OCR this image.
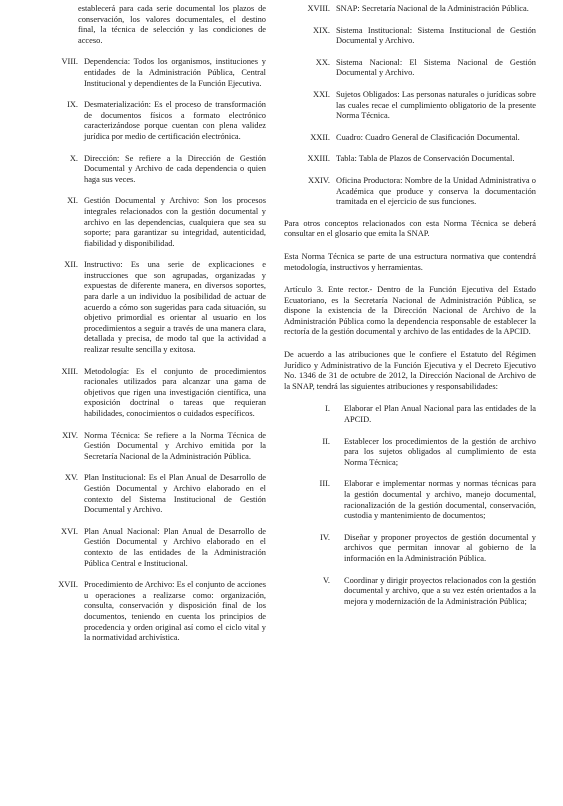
establecerá para cada serie documental los plazos de conservación, los valores documentales, el destino final, la técnica de selección y las condiciones de acceso.
VIII. Dependencia: Todos los organismos, instituciones y entidades de la Administración Pública, Central Institucional y dependientes de la Función Ejecutiva.
IX. Desmaterialización: Es el proceso de transformación de documentos físicos a formato electrónico caracterizándose porque cuentan con plena validez jurídica por medio de certificación electrónica.
X. Dirección: Se refiere a la Dirección de Gestión Documental y Archivo de cada dependencia o quien haga sus veces.
XI. Gestión Documental y Archivo: Son los procesos integrales relacionados con la gestión documental y archivo en las dependencias, cualquiera que sea su soporte; para garantizar su integridad, autenticidad, fiabilidad y disponibilidad.
XII. Instructivo: Es una serie de explicaciones e instrucciones que son agrupadas, organizadas y expuestas de diferente manera, en diversos soportes, para darle a un individuo la posibilidad de actuar de acuerdo a cómo son sugeridas para cada situación, su objetivo primordial es orientar al usuario en los procedimientos a seguir a través de una manera clara, detallada y precisa, de modo tal que la actividad a realizar resulte sencilla y exitosa.
XIII. Metodología: Es el conjunto de procedimientos racionales utilizados para alcanzar una gama de objetivos que rigen una investigación científica, una exposición doctrinal o tareas que requieran habilidades, conocimientos o cuidados específicos.
XIV. Norma Técnica: Se refiere a la Norma Técnica de Gestión Documental y Archivo emitida por la Secretaría Nacional de la Administración Pública.
XV. Plan Institucional: Es el Plan Anual de Desarrollo de Gestión Documental y Archivo elaborado en el contexto del Sistema Institucional de Gestión Documental y Archivo.
XVI. Plan Anual Nacional: Plan Anual de Desarrollo de Gestión Documental y Archivo elaborado en el contexto de las entidades de la Administración Pública Central e Institucional.
XVII. Procedimiento de Archivo: Es el conjunto de acciones u operaciones a realizarse como: organización, consulta, conservación y disposición final de los documentos, teniendo en cuenta los principios de procedencia y orden original así como el ciclo vital y la normatividad archivística.
XVIII. SNAP: Secretaría Nacional de la Administración Pública.
XIX. Sistema Institucional: Sistema Institucional de Gestión Documental y Archivo.
XX. Sistema Nacional: El Sistema Nacional de Gestión Documental y Archivo.
XXI. Sujetos Obligados: Las personas naturales o jurídicas sobre las cuales recae el cumplimiento obligatorio de la presente Norma Técnica.
XXII. Cuadro: Cuadro General de Clasificación Documental.
XXIII. Tabla: Tabla de Plazos de Conservación Documental.
XXIV. Oficina Productora: Nombre de la Unidad Administrativa o Académica que produce y conserva la documentación tramitada en el ejercicio de sus funciones.

Para otros conceptos relacionados con esta Norma Técnica se deberá consultar en el glosario que emita la SNAP.

Esta Norma Técnica se parte de una estructura normativa que contendrá metodología, instructivos y herramientas.

Artículo 3. Ente rector.- Dentro de la Función Ejecutiva del Estado Ecuatoriano, es la Secretaría Nacional de Administración Pública, se dispone la existencia de la Dirección Nacional de Archivo de la Administración Pública como la dependencia responsable de establecer la rectoría de la gestión documental y archivo de las entidades de la APCID.

De acuerdo a las atribuciones que le confiere el Estatuto del Régimen Jurídico y Administrativo de la Función Ejecutiva y el Decreto Ejecutivo No. 1346 de 31 de octubre de 2012, la Dirección Nacional de Archivo de la SNAP, tendrá las siguientes atribuciones y responsabilidades:

I.	Elaborar el Plan Anual Nacional para las entidades de la APCID.
II.	Establecer los procedimientos de la gestión de archivo para los sujetos obligados al cumplimiento de esta Norma Técnica;
III.	Elaborar e implementar normas y normas técnicas para la gestión documental y archivo, manejo documental, racionalización de la gestión documental, conservación, custodia y mantenimiento de documentos;
IV.	Diseñar y proponer proyectos de gestión documental y archivos que permitan innovar al gobierno de la información en la Administración Pública.
V.	Coordinar y dirigir proyectos relacionados con la gestión documental y archivo, que a su vez estén orientados a la mejora y modernización de la Administración Pública;
